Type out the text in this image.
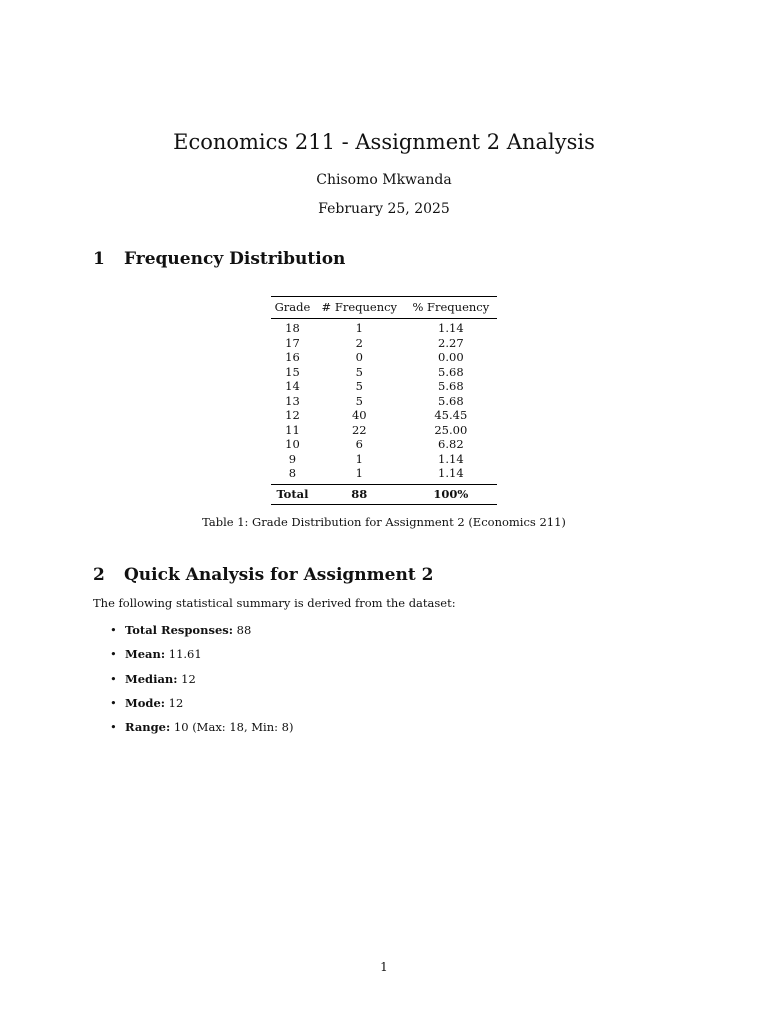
Economics 211 - Assignment 2 Analysis
Chisomo Mkwanda
February 25, 2025
1 Frequency Distribution
Grade	# Frequency	% Frequency
18	1	1.14
17	2	2.27
16	0	0.00
15	5	5.68
14	5	5.68
13	5	5.68
12	40	45.45
11	22	25.00
10	6	6.82
9	1	1.14
8	1	1.14
Total	88	100%
Table 1: Grade Distribution for Assignment 2 (Economics 211)
2 Quick Analysis for Assignment 2

The following statistical summary is derived from the dataset:

• Total Responses: 88
• Mean: 11.61
• Median: 12
• Mode: 12
• Range: 10 (Max: 18, Min: 8)
1
